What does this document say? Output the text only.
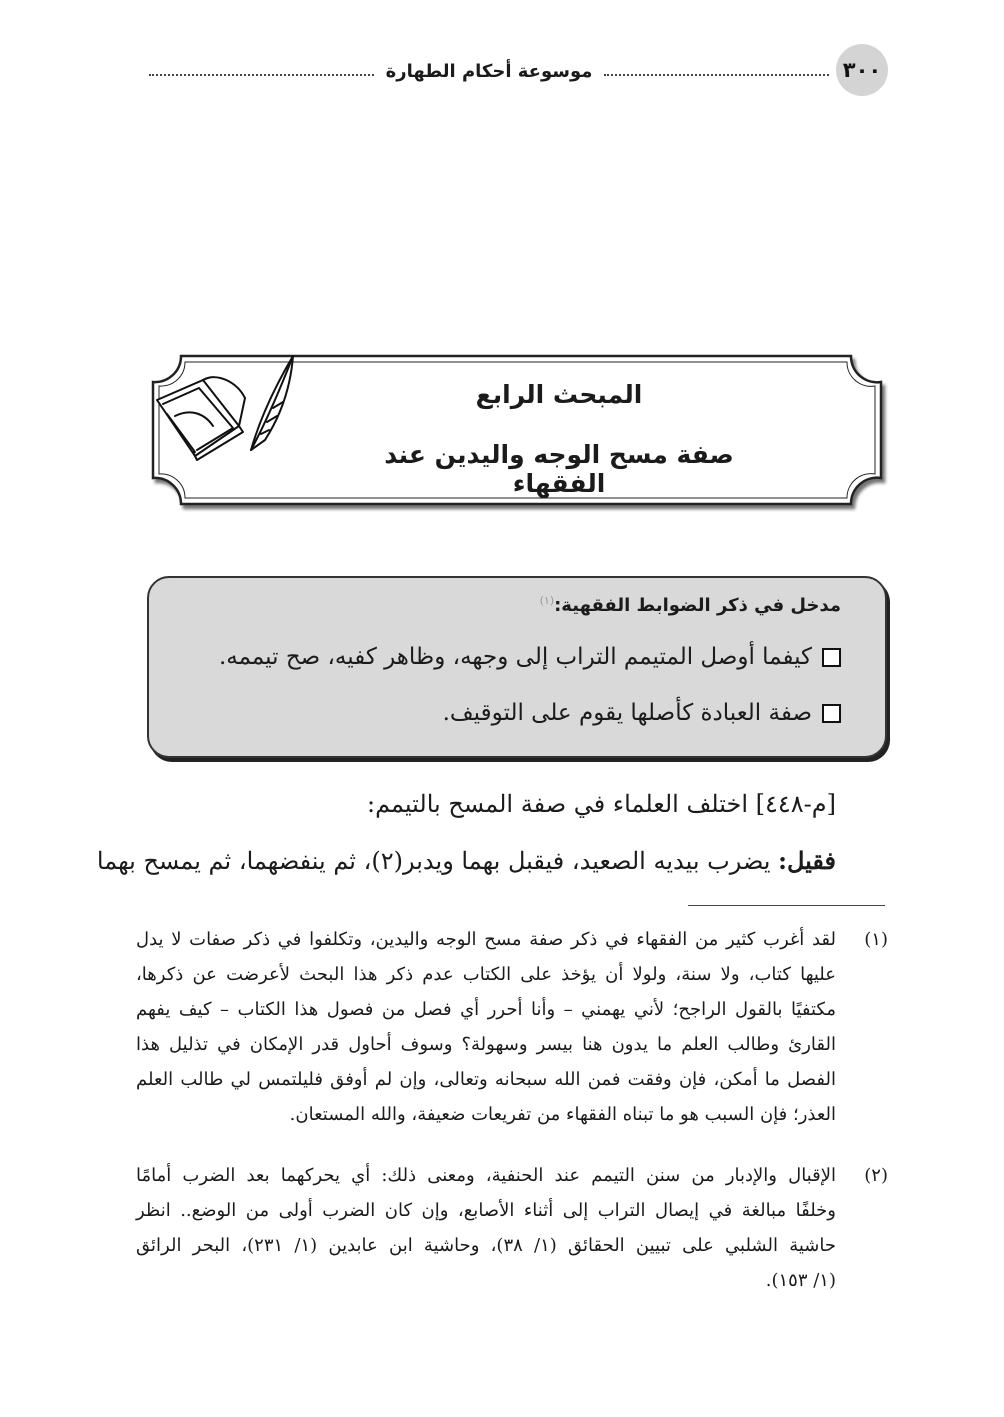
٣٠٠
موسوعة أحكام الطهارة
المبحث الرابع
صفة مسح الوجه واليدين عند الفقهاء
مدخل في ذكر الضوابط الفقهية:$^{(١)}$
كيفما أوصل المتيمم التراب إلى وجهه، وظاهر كفيه، صح تيممه.
صفة العبادة كأصلها يقوم على التوقيف.
[م-٤٤٨] اختلف العلماء في صفة المسح بالتيمم:
فقيل: يضرب بيديه الصعيد، فيقبل بهما ويدبر(٢)، ثم ينفضهما، ثم يمسح بهما
(١)
لقد أغرب كثير من الفقهاء في ذكر صفة مسح الوجه واليدين، وتكلفوا في ذكر صفات لا يدل
عليها كتاب، ولا سنة، ولولا أن يؤخذ على الكتاب عدم ذكر هذا البحث لأعرضت عن ذكرها،
مكتفيًا بالقول الراجح؛ لأني يهمني – وأنا أحرر أي فصل من فصول هذا الكتاب – كيف يفهم
القارئ وطالب العلم ما يدون هنا بيسر وسهولة؟ وسوف أحاول قدر الإمكان في تذليل هذا
الفصل ما أمكن، فإن وفقت فمن الله سبحانه وتعالى، وإن لم أوفق فليلتمس لي طالب العلم
العذر؛ فإن السبب هو ما تبناه الفقهاء من تفريعات ضعيفة، والله المستعان.
(٢)
الإقبال والإدبار من سنن التيمم عند الحنفية، ومعنى ذلك: أي يحركهما بعد الضرب أمامًا
وخلفًا مبالغة في إيصال التراب إلى أثناء الأصابع، وإن كان الضرب أولى من الوضع.. انظر
حاشية الشلبي على تبيين الحقائق (١/ ٣٨)، وحاشية ابن عابدين (١/ ٢٣١)، البحر الرائق
(١/ ١٥٣).
